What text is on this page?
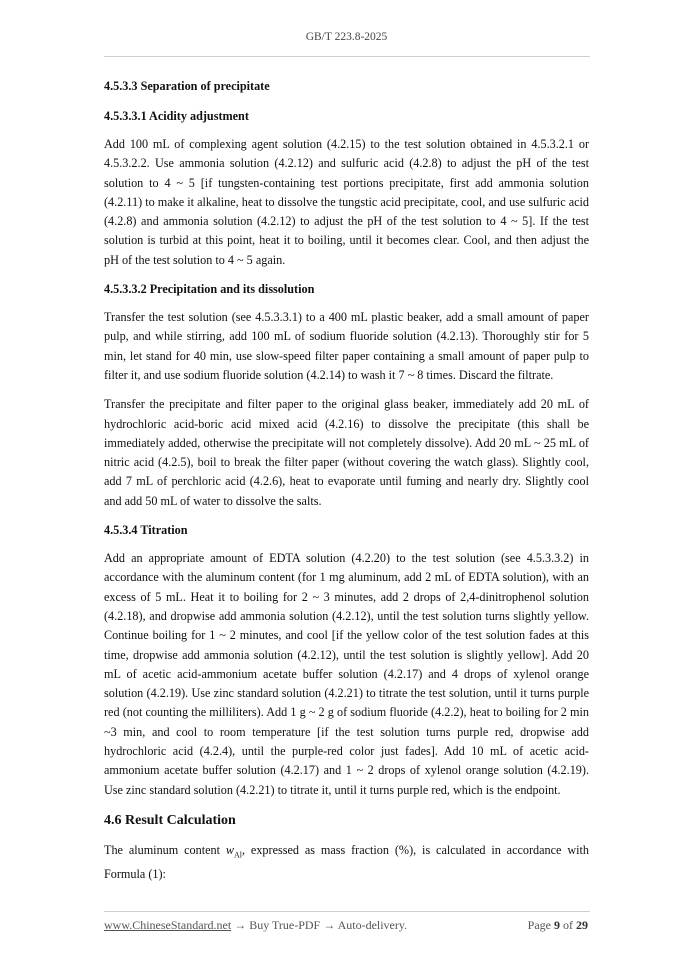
GB/T 223.8-2025
4.5.3.3 Separation of precipitate
4.5.3.3.1 Acidity adjustment

Add 100 mL of complexing agent solution (4.2.15) to the test solution obtained in 4.5.3.2.1 or 4.5.3.2.2. Use ammonia solution (4.2.12) and sulfuric acid (4.2.8) to adjust the pH of the test solution to 4 ~ 5 [if tungsten-containing test portions precipitate, first add ammonia solution (4.2.11) to make it alkaline, heat to dissolve the tungstic acid precipitate, cool, and use sulfuric acid (4.2.8) and ammonia solution (4.2.12) to adjust the pH of the test solution to 4 ~ 5]. If the test solution is turbid at this point, heat it to boiling, until it becomes clear. Cool, and then adjust the pH of the test solution to 4 ~ 5 again.

4.5.3.3.2 Precipitation and its dissolution

Transfer the test solution (see 4.5.3.3.1) to a 400 mL plastic beaker, add a small amount of paper pulp, and while stirring, add 100 mL of sodium fluoride solution (4.2.13). Thoroughly stir for 5 min, let stand for 40 min, use slow-speed filter paper containing a small amount of paper pulp to filter it, and use sodium fluoride solution (4.2.14) to wash it 7 ~ 8 times. Discard the filtrate.

Transfer the precipitate and filter paper to the original glass beaker, immediately add 20 mL of hydrochloric acid-boric acid mixed acid (4.2.16) to dissolve the precipitate (this shall be immediately added, otherwise the precipitate will not completely dissolve). Add 20 mL ~ 25 mL of nitric acid (4.2.5), boil to break the filter paper (without covering the watch glass). Slightly cool, add 7 mL of perchloric acid (4.2.6), heat to evaporate until fuming and nearly dry. Slightly cool and add 50 mL of water to dissolve the salts.

4.5.3.4 Titration

Add an appropriate amount of EDTA solution (4.2.20) to the test solution (see 4.5.3.3.2) in accordance with the aluminum content (for 1 mg aluminum, add 2 mL of EDTA solution), with an excess of 5 mL. Heat it to boiling for 2 ~ 3 minutes, add 2 drops of 2,4-dinitrophenol solution (4.2.18), and dropwise add ammonia solution (4.2.12), until the test solution turns slightly yellow. Continue boiling for 1 ~ 2 minutes, and cool [if the yellow color of the test solution fades at this time, dropwise add ammonia solution (4.2.12), until the test solution is slightly yellow]. Add 20 mL of acetic acid-ammonium acetate buffer solution (4.2.17) and 4 drops of xylenol orange solution (4.2.19). Use zinc standard solution (4.2.21) to titrate the test solution, until it turns purple red (not counting the milliliters). Add 1 g ~ 2 g of sodium fluoride (4.2.2), heat to boiling for 2 min ~3 min, and cool to room temperature [if the test solution turns purple red, dropwise add hydrochloric acid (4.2.4), until the purple-red color just fades]. Add 10 mL of acetic acid-ammonium acetate buffer solution (4.2.17) and 1 ~ 2 drops of xylenol orange solution (4.2.19). Use zinc standard solution (4.2.21) to titrate it, until it turns purple red, which is the endpoint.

4.6 Result Calculation

The aluminum content $w_{Al}$, expressed as mass fraction (%), is calculated in accordance with Formula (1):

www.ChineseStandard.net → Buy True-PDF → Auto-delivery.	Page 9 of 29
